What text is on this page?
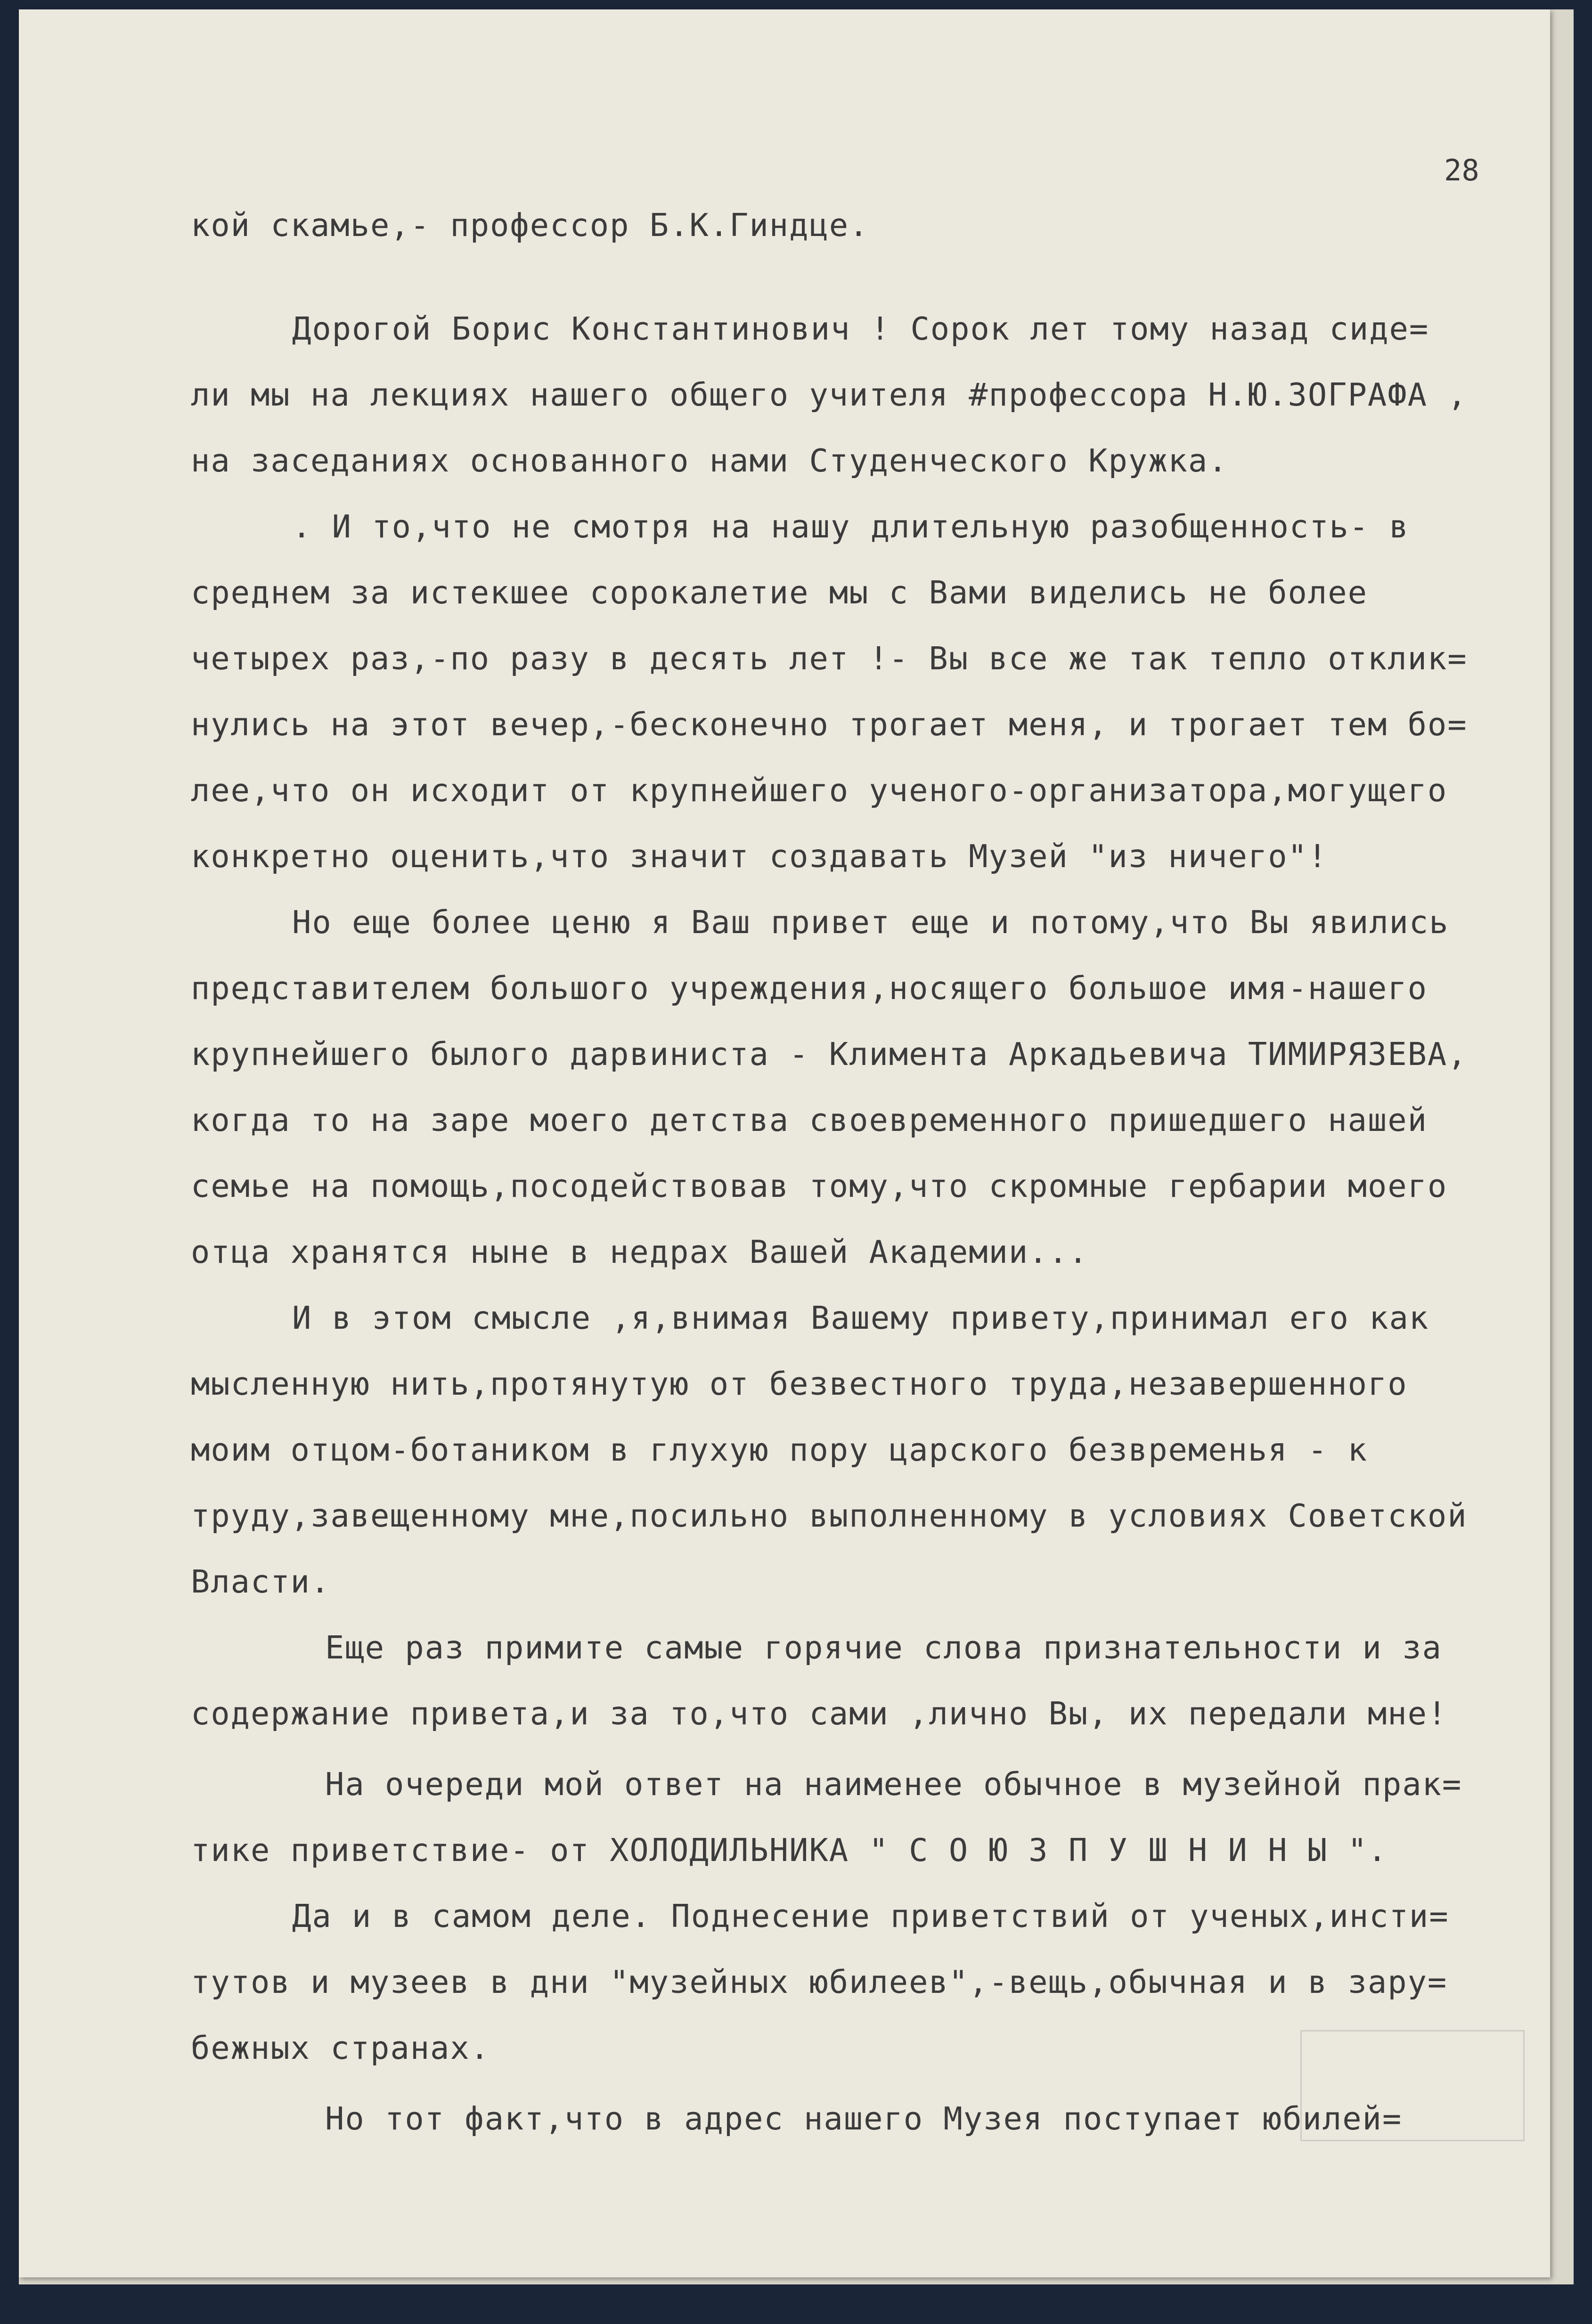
28
кой скамье,- профессор Б.К.Гиндце.
Дорогой Борис Константинович ! Сорок лет тому назад сиде=
ли мы на лекциях нашего общего учителя #профессора Н.Ю.ЗОГРАФА ,
на заседаниях основанного нами Студенческого Кружка.
. И то,что не смотря на нашу длительную разобщенность- в
среднем за истекшее сорокалетие мы с Вами виделись не более
четырех раз,-по разу в десять лет !- Вы все же так тепло отклик=
нулись на этот вечер,-бесконечно трогает меня, и трогает тем бо=
лее,что он исходит от крупнейшего ученого-организатора,могущего
конкретно оценить,что значит создавать Музей "из ничего"!
Но еще более ценю я Ваш привет еще и потому,что Вы явились
представителем большого учреждения,носящего большое имя-нашего
крупнейшего былого дарвиниста - Климента Аркадьевича ТИМИРЯЗЕВА,
когда то на заре моего детства своевременного пришедшего нашей
семье на помощь,посодействовав тому,что скромные гербарии моего
отца хранятся ныне в недрах Вашей Академии...
И в этом смысле ,я,внимая Вашему привету,принимал его как
мысленную нить,протянутую от безвестного труда,незавершенного
моим отцом-ботаником в глухую пору царского безвременья - к
труду,завещенному мне,посильно выполненному в условиях Советской
Власти.
Еще раз примите самые горячие слова признательности и за
содержание привета,и за то,что сами ,лично Вы, их передали мне!
На очереди мой ответ на наименее обычное в музейной прак=
тике приветствие- от ХОЛОДИЛЬНИКА " С О Ю З П У Ш Н И Н Ы ".
Да и в самом деле. Поднесение приветствий от ученых,инсти=
тутов и музеев в дни "музейных юбилеев",-вещь,обычная и в зару=
бежных странах.
Но тот факт,что в адрес нашего Музея поступает юбилей=
